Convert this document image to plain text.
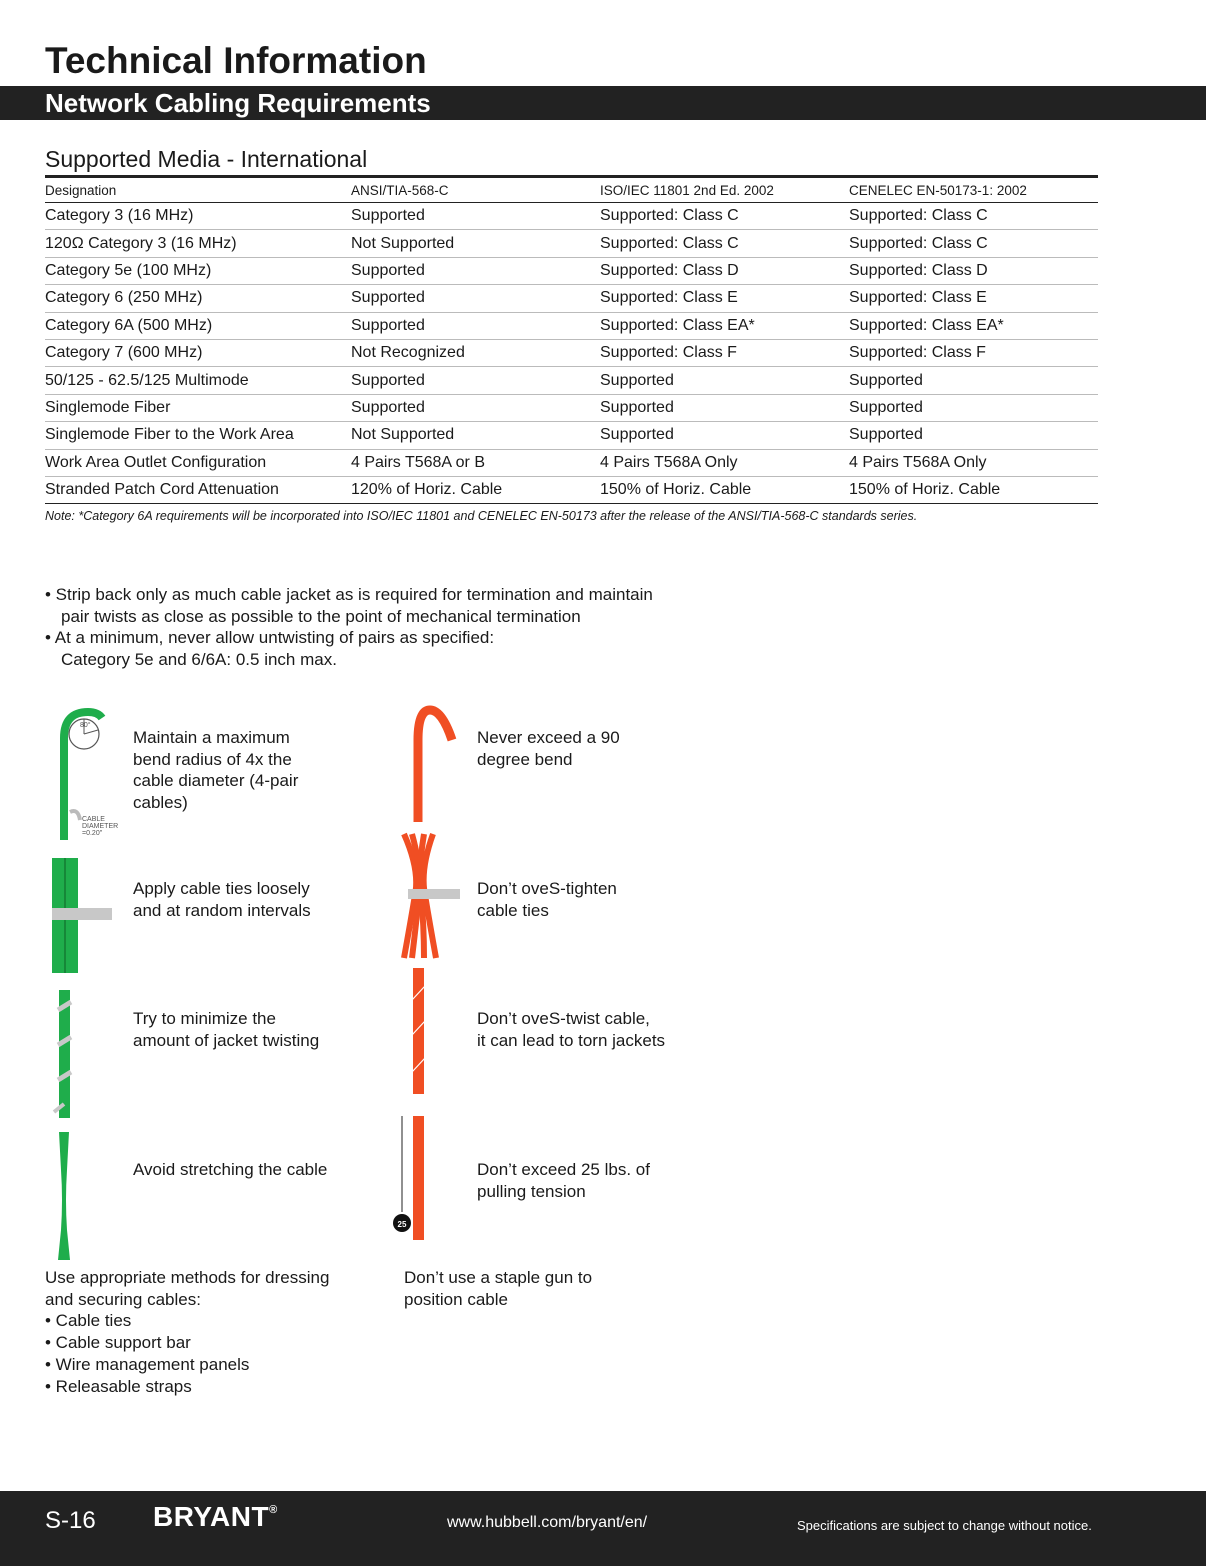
Technical Information
Network Cabling Requirements
Supported Media - International
Designation	ANSI/TIA-568-C	ISO/IEC 11801 2nd Ed. 2002	CENELEC EN-50173-1: 2002
Category 3 (16 MHz)	Supported	Supported: Class C	Supported: Class C
120Ω Category 3 (16 MHz)	Not Supported	Supported: Class C	Supported: Class C
Category 5e (100 MHz)	Supported	Supported: Class D	Supported: Class D
Category 6 (250 MHz)	Supported	Supported: Class E	Supported: Class E
Category 6A (500 MHz)	Supported	Supported: Class EA*	Supported: Class EA*
Category 7 (600 MHz)	Not Recognized	Supported: Class F	Supported: Class F
50/125 - 62.5/125 Multimode	Supported	Supported	Supported
Singlemode Fiber	Supported	Supported	Supported
Singlemode Fiber to the Work Area	Not Supported	Supported	Supported
Work Area Outlet Configuration	4 Pairs T568A or B	4 Pairs T568A Only	4 Pairs T568A Only
Stranded Patch Cord Attenuation	120% of Horiz. Cable	150% of Horiz. Cable	150% of Horiz. Cable
Note: *Category 6A requirements will be incorporated into ISO/IEC 11801 and CENELEC EN-50173 after the release of the ANSI/TIA-568-C standards series.
• Strip back only as much cable jacket as is required for termination and maintain
pair twists as close as possible to the point of mechanical termination
• At a minimum, never allow untwisting of pairs as specified:
Category 5e and 6/6A: 0.5 inch max.
80°
CABLE
DIAMETER
=0.20"
25
Maintain a maximum
bend radius of 4x the
cable diameter (4-pair
cables)
Apply cable ties loosely
and at random intervals
Try to minimize the
amount of jacket twisting
Avoid stretching the cable
Never exceed a 90
degree bend
Don’t oveS-tighten
cable ties
Don’t oveS-twist cable,
it can lead to torn jackets
Don’t exceed 25 lbs. of
pulling tension
Use appropriate methods for dressing
and securing cables:
• Cable ties
• Cable support bar
• Wire management panels
• Releasable straps
Don’t use a staple gun to
position cable
S-16 BRYANT®
www.hubbell.com/bryant/en/	Specifications are subject to change without notice.
